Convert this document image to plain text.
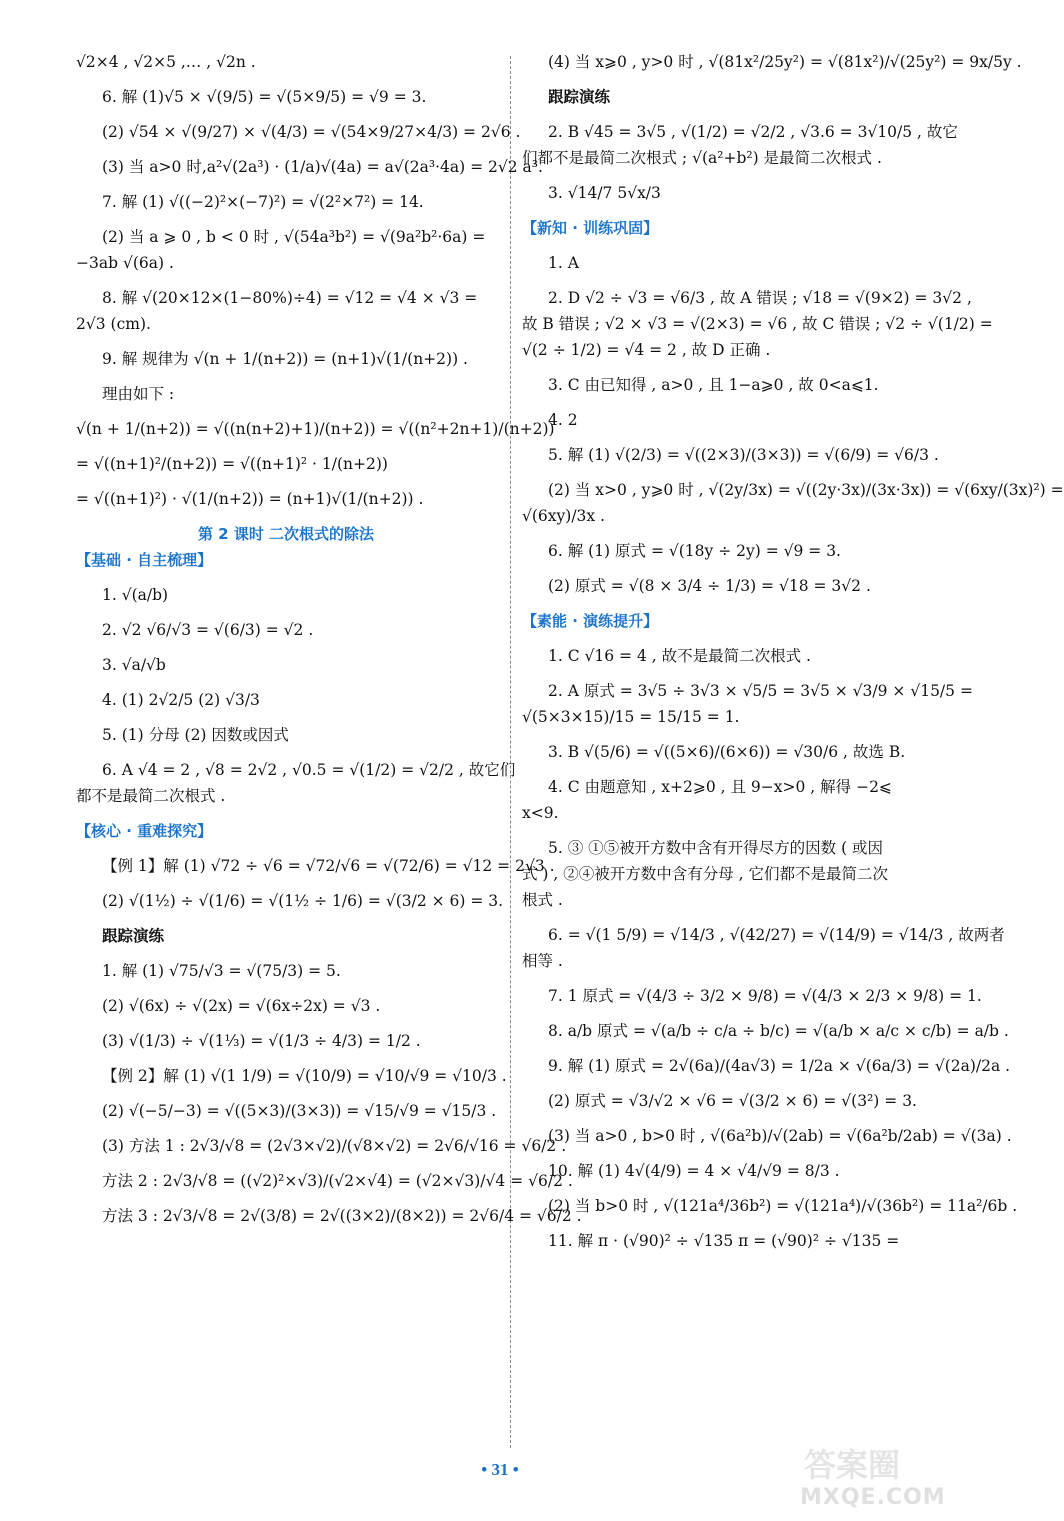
√2×4 , √2×5 ,… , √2n .
6. 解 (1)√5 × √(9/5) = √(5×9/5) = √9 = 3.
(2) √54 × √(9/27) × √(4/3) = √(54×9/27×4/3) = 2√6 .
(3) 当 a>0 时,a²√(2a³) · (1/a)√(4a) = a√(2a³·4a) = 2√2 a³.
7. 解 (1) √((−2)²×(−7)²) = √(2²×7²) = 14.
(2) 当 a ⩾ 0 , b < 0 时 , √(54a³b²) = √(9a²b²·6a) =
−3ab √(6a) .
8. 解 √(20×12×(1−80%)÷4) = √12 = √4 × √3 =
2√3 (cm).
9. 解 规律为 √(n + 1/(n+2)) = (n+1)√(1/(n+2)) .
理由如下 :
√(n + 1/(n+2)) = √((n(n+2)+1)/(n+2)) = √((n²+2n+1)/(n+2))
= √((n+1)²/(n+2)) = √((n+1)² · 1/(n+2))
= √((n+1)²) · √(1/(n+2)) = (n+1)√(1/(n+2)) .
第 2 课时 二次根式的除法
【基础 · 自主梳理】
1. √(a/b)
2. √2 √6/√3 = √(6/3) = √2 .
3. √a/√b
4. (1) 2√2/5 (2) √3/3
5. (1) 分母 (2) 因数或因式
6. A √4 = 2 , √8 = 2√2 , √0.5 = √(1/2) = √2/2 , 故它们
都不是最简二次根式 .
【核心 · 重难探究】
【例 1】解 (1) √72 ÷ √6 = √72/√6 = √(72/6) = √12 = 2√3 .
(2) √(1½) ÷ √(1/6) = √(1½ ÷ 1/6) = √(3/2 × 6) = 3.
跟踪演练
1. 解 (1) √75/√3 = √(75/3) = 5.
(2) √(6x) ÷ √(2x) = √(6x÷2x) = √3 .
(3) √(1/3) ÷ √(1⅓) = √(1/3 ÷ 4/3) = 1/2 .
【例 2】解 (1) √(1 1/9) = √(10/9) = √10/√9 = √10/3 .
(2) √(−5/−3) = √((5×3)/(3×3)) = √15/√9 = √15/3 .
(3) 方法 1 : 2√3/√8 = (2√3×√2)/(√8×√2) = 2√6/√16 = √6/2 .
方法 2 : 2√3/√8 = ((√2)²×√3)/(√2×√4) = (√2×√3)/√4 = √6/2 .
方法 3 : 2√3/√8 = 2√(3/8) = 2√((3×2)/(8×2)) = 2√6/4 = √6/2 .
(4) 当 x⩾0 , y>0 时 , √(81x²/25y²) = √(81x²)/√(25y²) = 9x/5y .
跟踪演练
2. B √45 = 3√5 , √(1/2) = √2/2 , √3.6 = 3√10/5 , 故它
们都不是最简二次根式 ; √(a²+b²) 是最简二次根式 .
3. √14/7 5√x/3
【新知 · 训练巩固】
1. A
2. D √2 ÷ √3 = √6/3 , 故 A 错误 ; √18 = √(9×2) = 3√2 ,
故 B 错误 ; √2 × √3 = √(2×3) = √6 , 故 C 错误 ; √2 ÷ √(1/2) =
√(2 ÷ 1/2) = √4 = 2 , 故 D 正确 .
3. C 由已知得 , a>0 , 且 1−a⩾0 , 故 0<a⩽1.
4. 2
5. 解 (1) √(2/3) = √((2×3)/(3×3)) = √(6/9) = √6/3 .
(2) 当 x>0 , y⩾0 时 , √(2y/3x) = √((2y·3x)/(3x·3x)) = √(6xy/(3x)²) =
√(6xy)/3x .
6. 解 (1) 原式 = √(18y ÷ 2y) = √9 = 3.
(2) 原式 = √(8 × 3/4 ÷ 1/3) = √18 = 3√2 .
【素能 · 演练提升】
1. C √16 = 4 , 故不是最简二次根式 .
2. A 原式 = 3√5 ÷ 3√3 × √5/5 = 3√5 × √3/9 × √15/5 =
√(5×3×15)/15 = 15/15 = 1.
3. B √(5/6) = √((5×6)/(6×6)) = √30/6 , 故选 B.
4. C 由题意知 , x+2⩾0 , 且 9−x>0 , 解得 −2⩽
x<9.
5. ③ ①⑤被开方数中含有开得尽方的因数 ( 或因
式 ) , ②④被开方数中含有分母 , 它们都不是最简二次
根式 .
6. = √(1 5/9) = √14/3 , √(42/27) = √(14/9) = √14/3 , 故两者
相等 .
7. 1 原式 = √(4/3 ÷ 3/2 × 9/8) = √(4/3 × 2/3 × 9/8) = 1.
8. a/b 原式 = √(a/b ÷ c/a ÷ b/c) = √(a/b × a/c × c/b) = a/b .
9. 解 (1) 原式 = 2√(6a)/(4a√3) = 1/2a × √(6a/3) = √(2a)/2a .
(2) 原式 = √3/√2 × √6 = √(3/2 × 6) = √(3²) = 3.
(3) 当 a>0 , b>0 时 , √(6a²b)/√(2ab) = √(6a²b/2ab) = √(3a) .
10. 解 (1) 4√(4/9) = 4 × √4/√9 = 8/3 .
(2) 当 b>0 时 , √(121a⁴/36b²) = √(121a⁴)/√(36b²) = 11a²/6b .
11. 解 π · (√90)² ÷ √135 π = (√90)² ÷ √135 =
• 31 •	答案圈
MXQE.COM
